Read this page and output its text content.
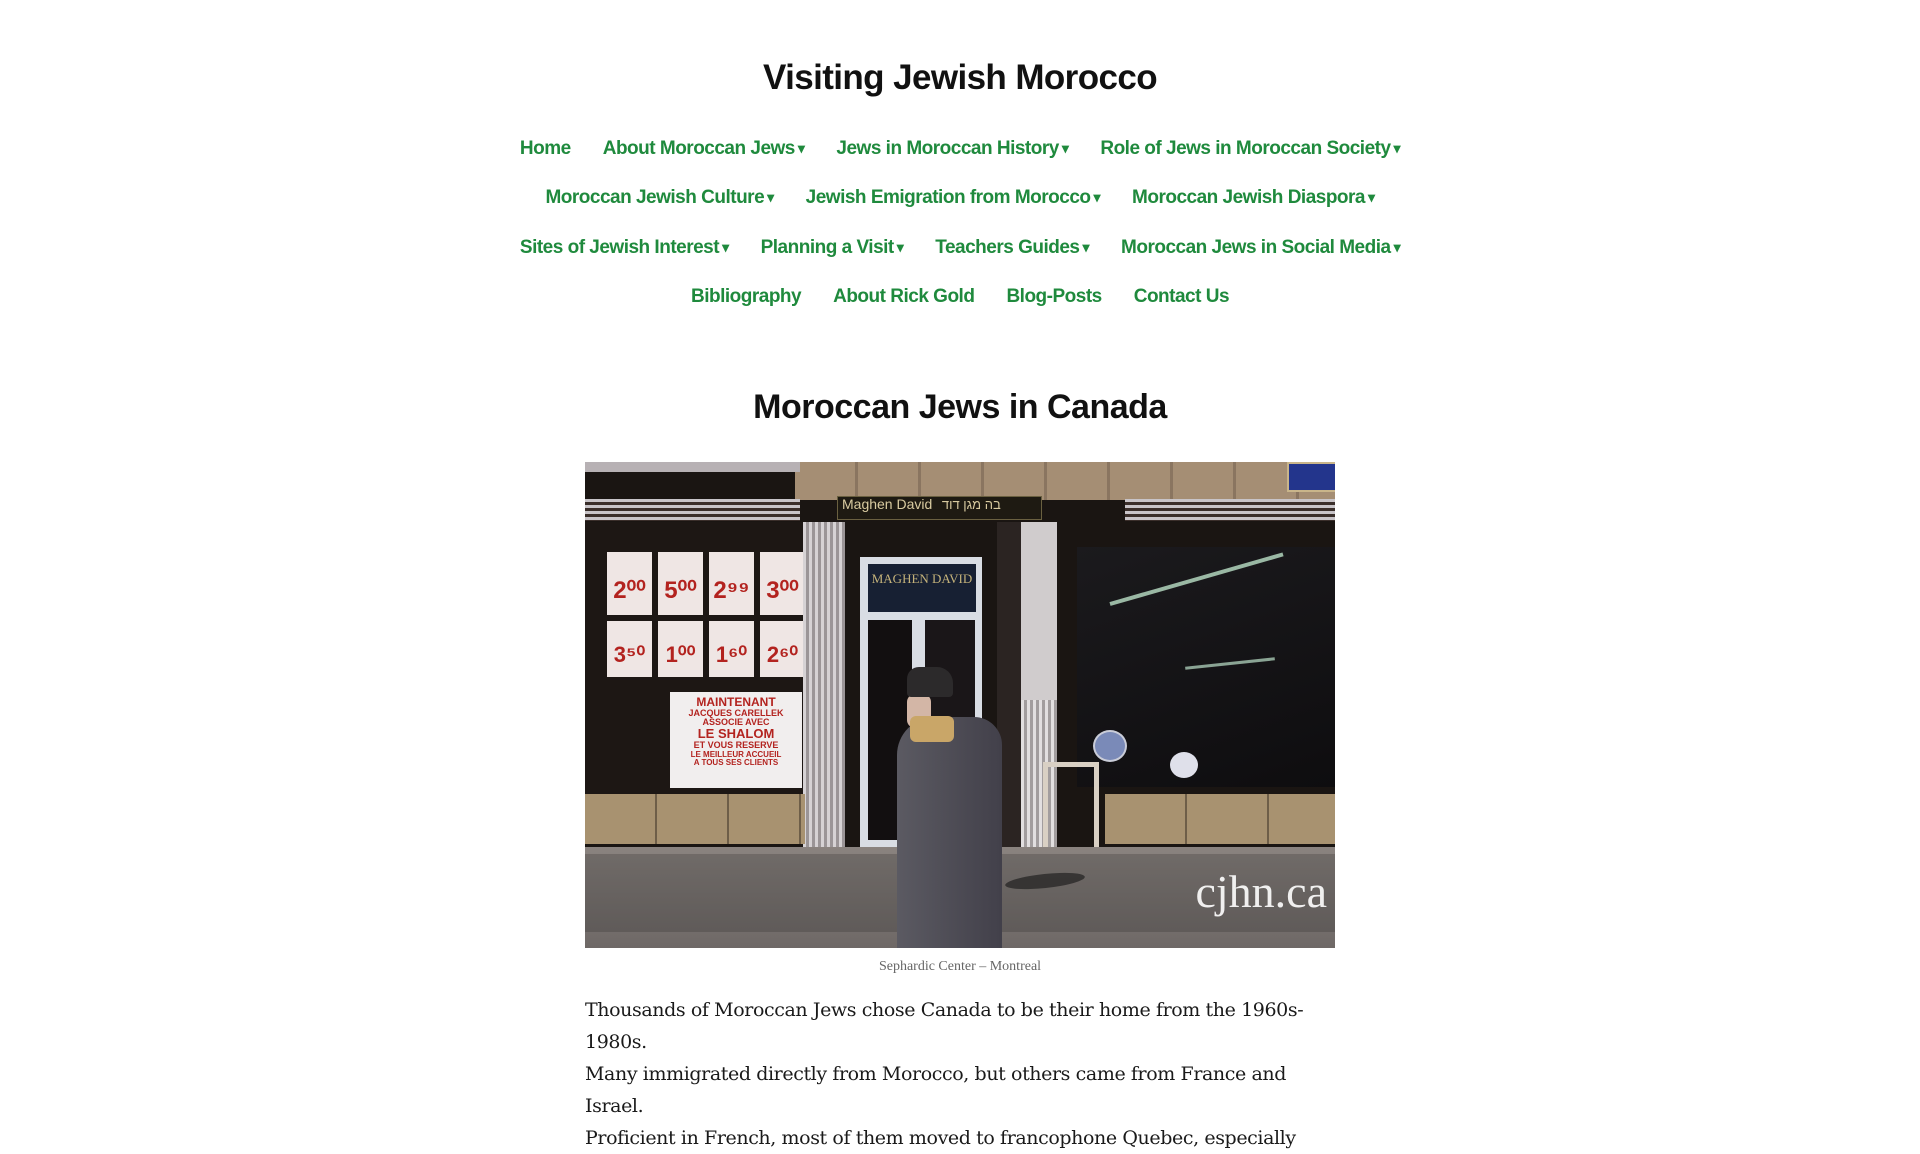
Visiting Jewish Morocco
Home About Moroccan Jews ▾ Jews in Moroccan History ▾ Role of Jews in Moroccan Society ▾
Moroccan Jewish Culture ▾ Jewish Emigration from Morocco ▾ Moroccan Jewish Diaspora ▾
Sites of Jewish Interest ▾ Planning a Visit ▾ Teachers Guides ▾ Moroccan Jews in Social Media ▾
Bibliography About Rick Gold Blog-Posts Contact Us
Moroccan Jews in Canada
Maghen David בה מגן דוד
2⁰⁰ 5⁰⁰ 2⁹⁹ 3⁰⁰
3⁵⁰ 1⁰⁰ 1⁶⁰ 2⁶⁰
MAINTENANT
JACQUES CARELLEK
ASSOCIE AVEC
LE SHALOM
ET VOUS RESERVE
LE MEILLEUR ACCUEIL
A TOUS SES CLIENTS
MAGHEN DAVID
cjhn.ca
Sephardic Center – Montreal
Thousands of Moroccan Jews chose Canada to be their home from the 1960s-1980s.
Many immigrated directly from Morocco, but others came from France and Israel.
Proficient in French, most of them moved to francophone Quebec, especially
